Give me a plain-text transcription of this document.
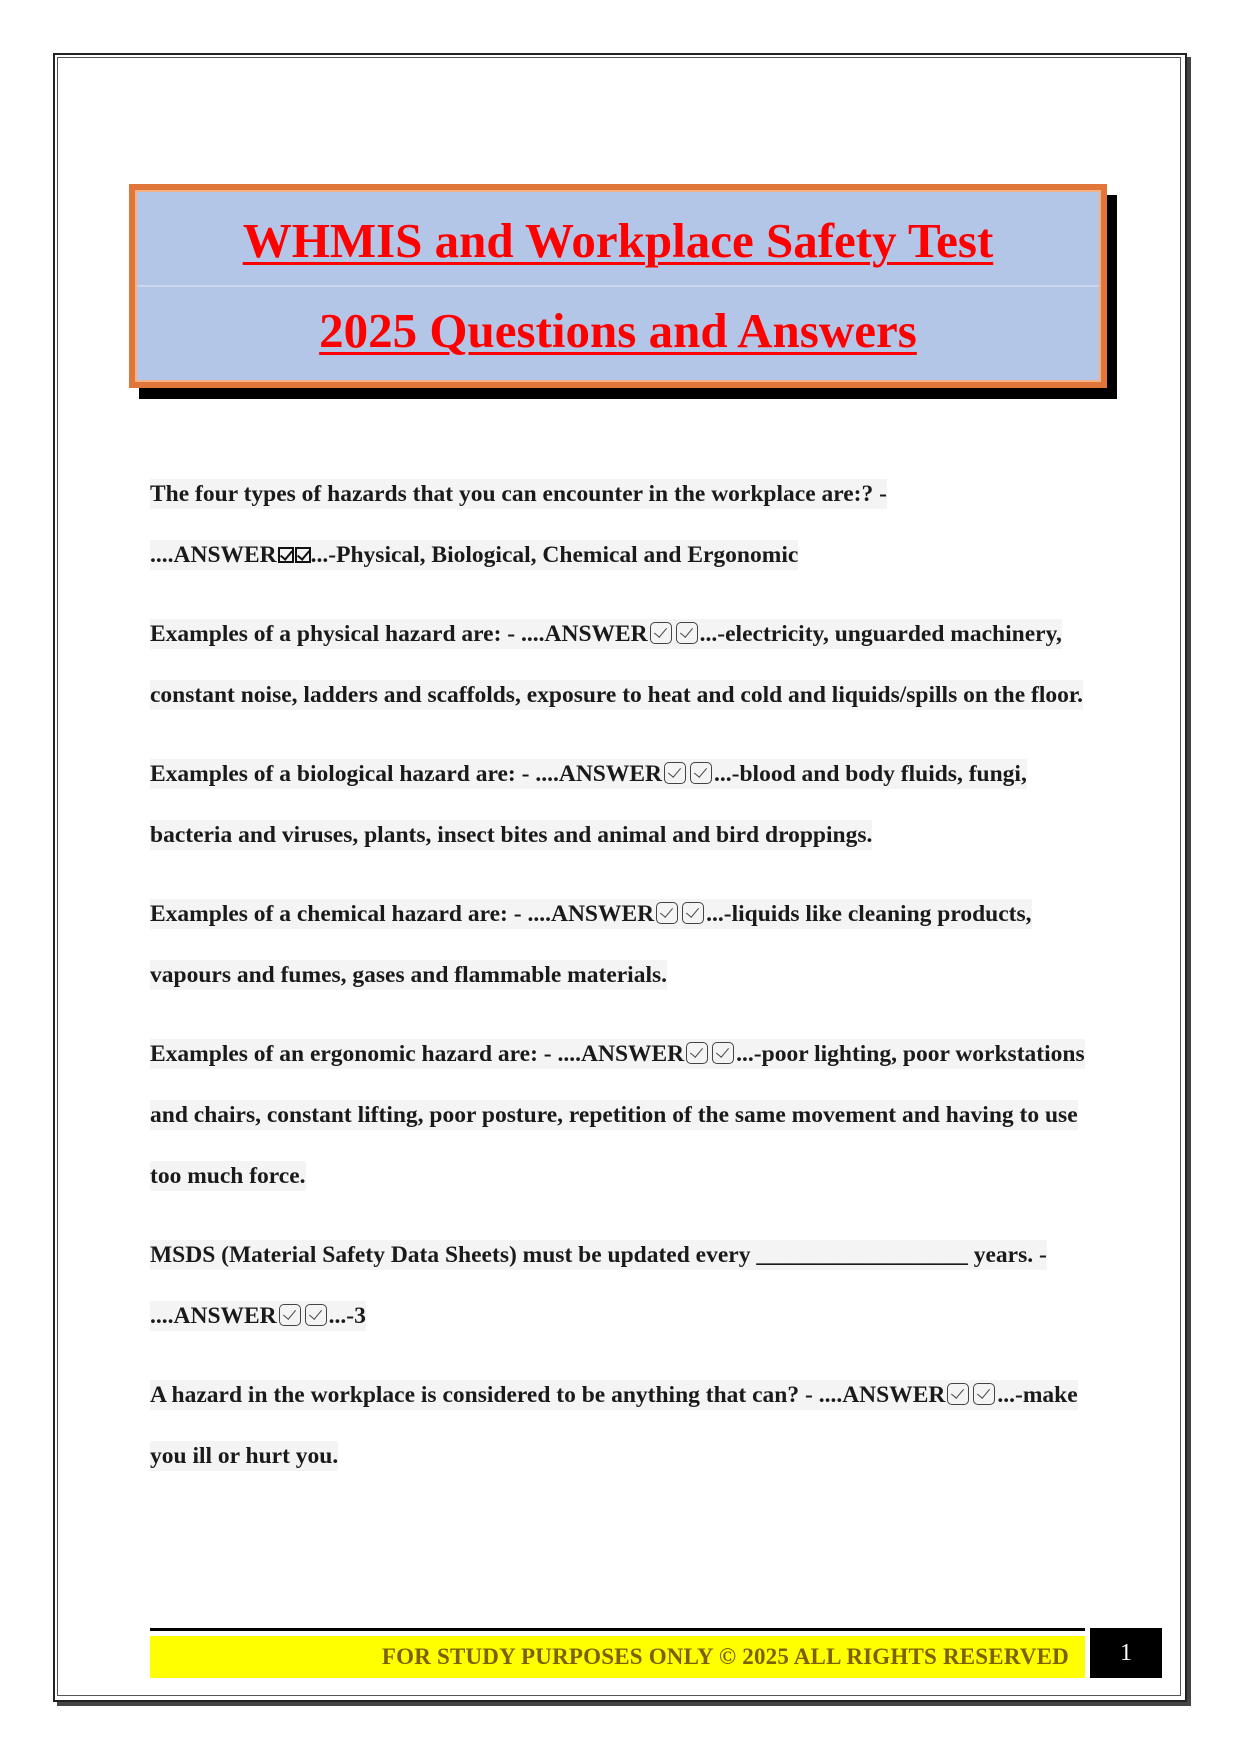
WHMIS and Workplace Safety Test
2025 Questions and Answers
The four types of hazards that you can encounter in the workplace are:? -
....ANSWER ...-Physical, Biological, Chemical and Ergonomic
Examples of a physical hazard are: - ....ANSWER ...-electricity, unguarded machinery, constant noise, ladders and scaffolds, exposure to heat and cold and liquids/spills on the floor.
Examples of a biological hazard are: - ....ANSWER ...-blood and body fluids, fungi, bacteria and viruses, plants, insect bites and animal and bird droppings.
Examples of a chemical hazard are: - ....ANSWER ...-liquids like cleaning products, vapours and fumes, gases and flammable materials.
Examples of an ergonomic hazard are: - ....ANSWER ...-poor lighting, poor workstations and chairs, constant lifting, poor posture, repetition of the same movement and having to use too much force.
MSDS (Material Safety Data Sheets) must be updated every __________________ years. - ....ANSWER ...-3
A hazard in the workplace is considered to be anything that can? - ....ANSWER ...-make you ill or hurt you.
FOR STUDY PURPOSES ONLY © 2025 ALL RIGHTS RESERVED	1
